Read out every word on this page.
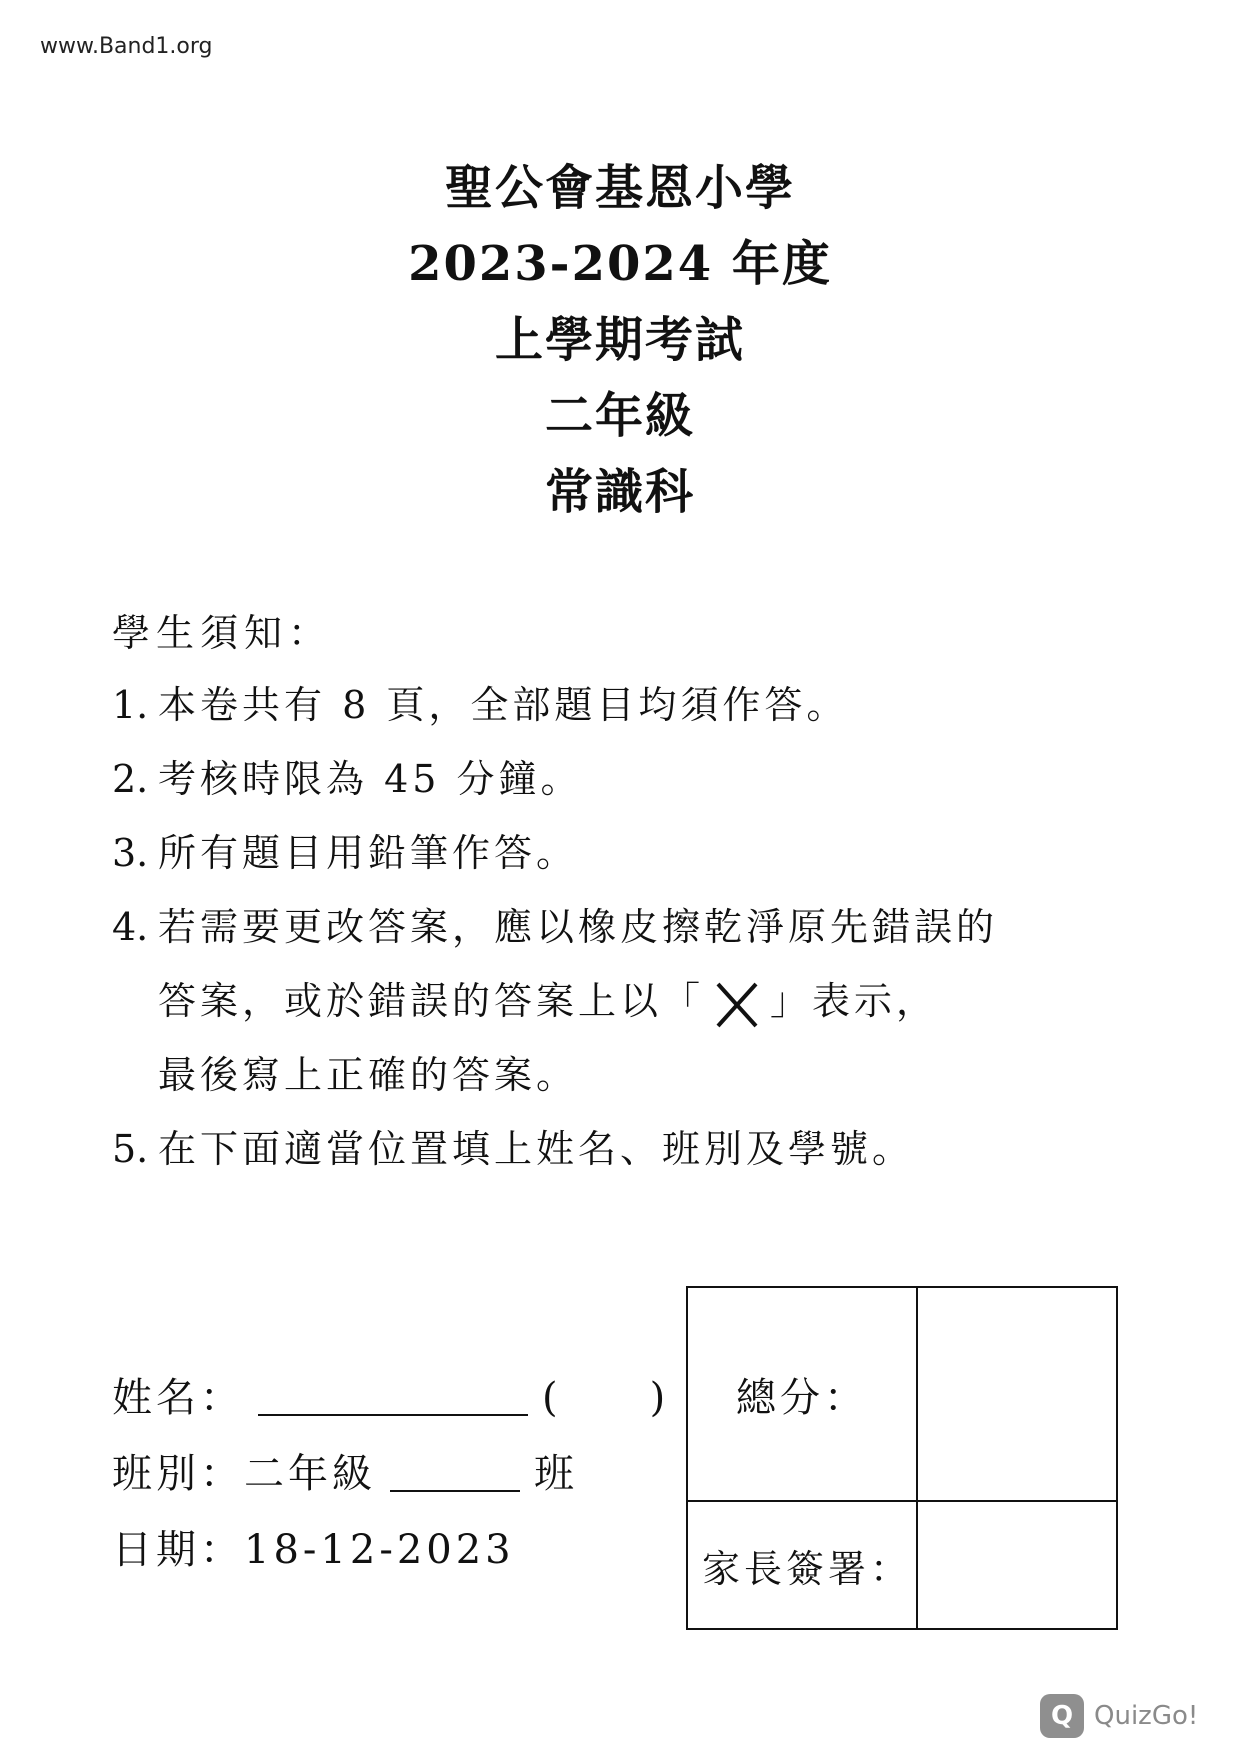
www.Band1.org
聖公會基恩小學
2023-2024 年度
上學期考試
二年級
常識科
學生須知：
1. 本卷共有 8 頁，全部題目均須作答。
2. 考核時限為 45 分鐘。
3. 所有題目用鉛筆作答。
4. 若需要更改答案，應以橡皮擦乾淨原先錯誤的
答案，或於錯誤的答案上以「 」表示，
最後寫上正確的答案。
5. 在下面適當位置填上姓名、班別及學號。
姓名：	(　　)
班別：二年級	班
日期： 18-12-2023
總分：	
家長簽署：	
Q QuizGo!
